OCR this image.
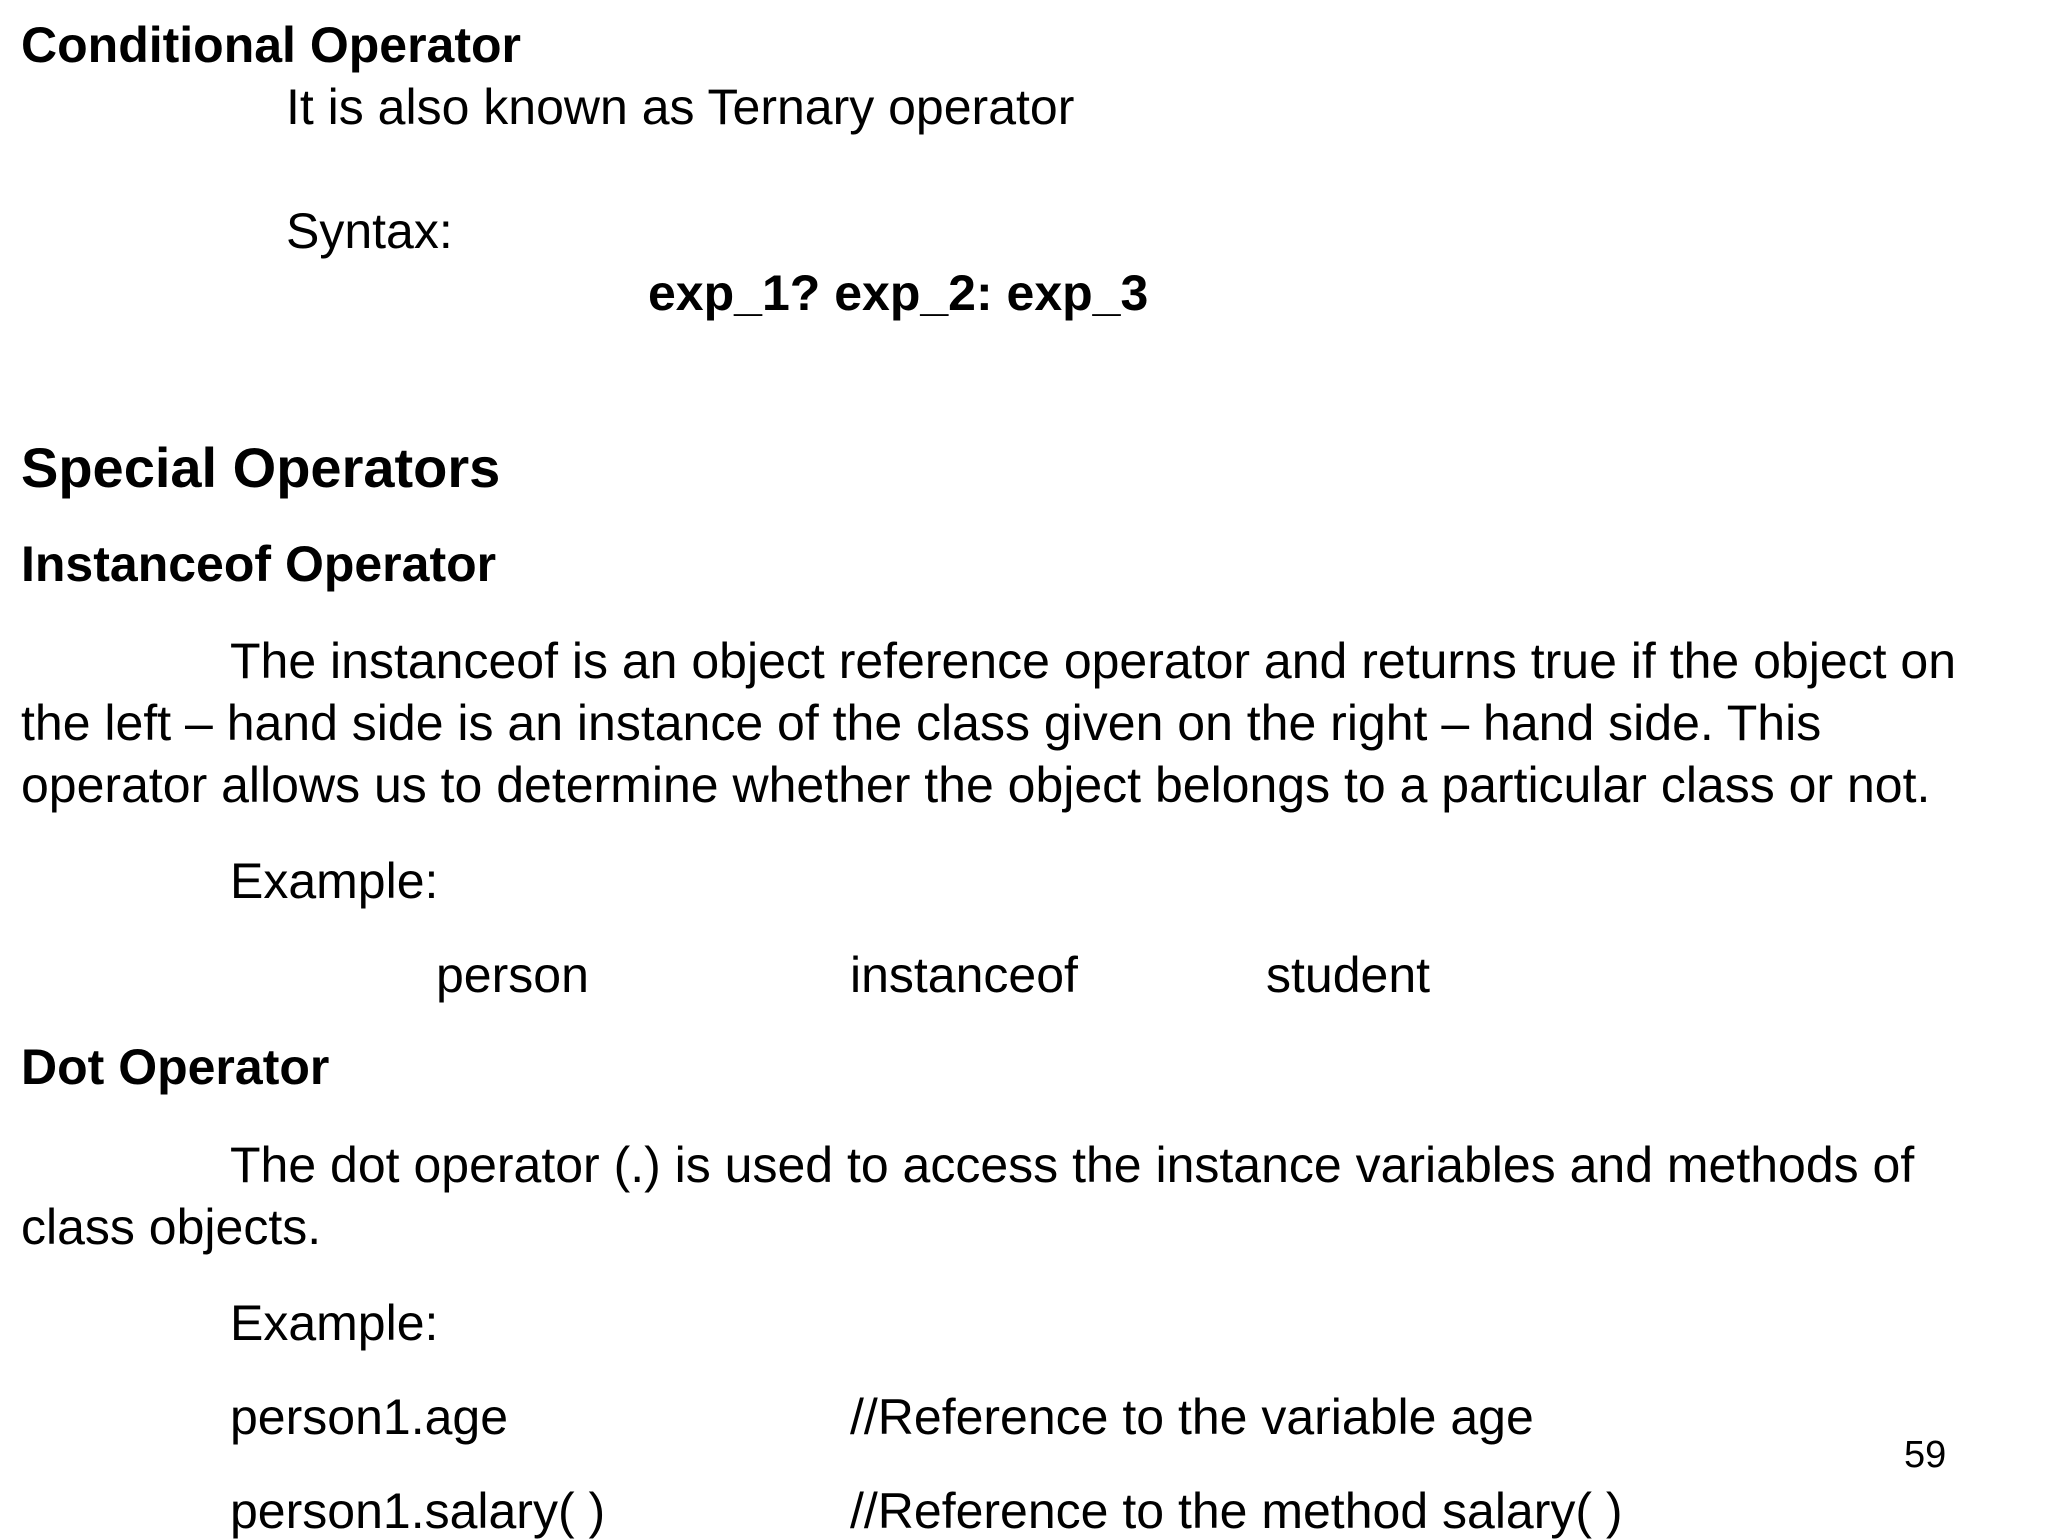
Conditional Operator
It is also known as Ternary operator
Syntax:
exp_1? exp_2: exp_3
Special Operators
Instanceof Operator
The instanceof is an object reference operator and returns true if the object on
the left – hand side is an instance of the class given on the right – hand side. This
operator allows us to determine whether the object belongs to a particular class or not.
Example:
person	instanceof	student
Dot Operator
The dot operator (.) is used to access the instance variables and methods of
class objects.
Example:
person1.age	//Reference to the variable age
person1.salary( )	//Reference to the method salary( )
59
